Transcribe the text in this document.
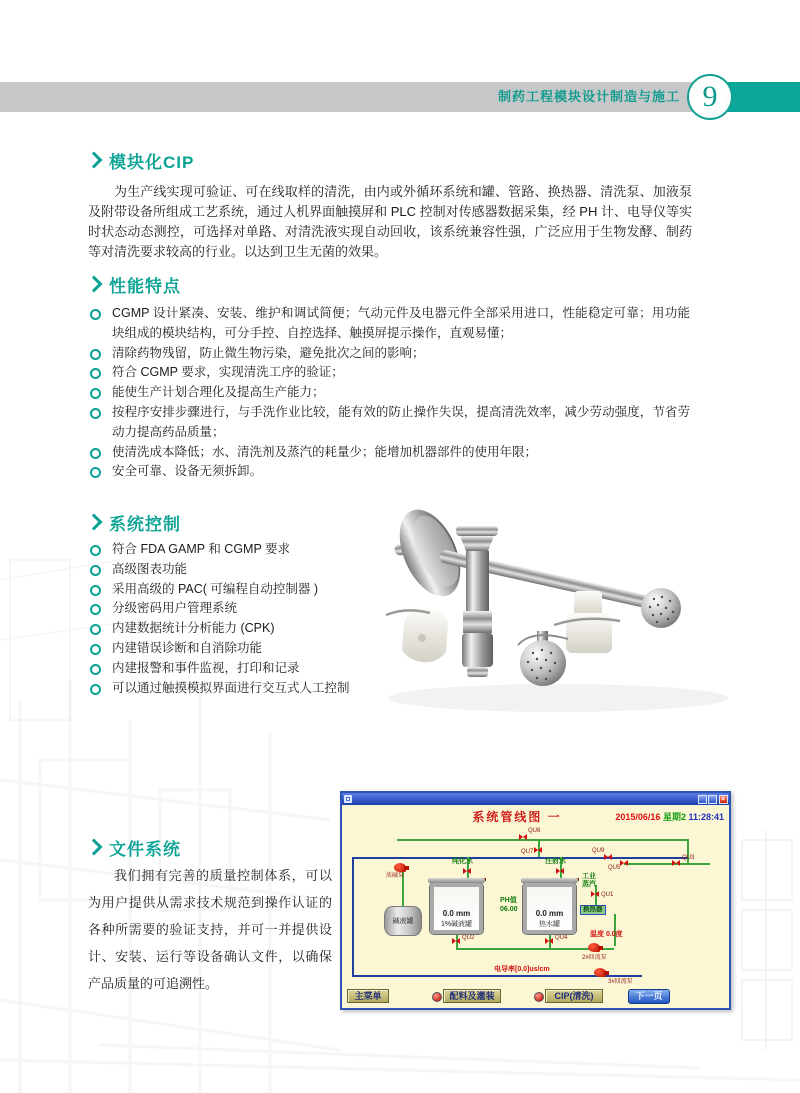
制药工程模块设计制造与施工 9
模块化CIP
为生产线实现可验证、可在线取样的清洗，由内或外循环系统和罐、管路、换热器、清洗泵、加液泵及附带设备所组成工艺系统，通过人机界面触摸屏和 PLC 控制对传感器数据采集，经 PH 计、电导仪等实时状态动态测控，可选择对单路、对清洗液实现自动回收，该系统兼容性强，广泛应用于生物发酵、制药等对清洗要求较高的行业。以达到卫生无菌的效果。
性能特点
CGMP 设计紧凑、安装、维护和调试简便；气动元件及电器元件全部采用进口，性能稳定可靠；用功能块组成的模块结构，可分手控、自控选择、触摸屏提示操作，直观易懂；
清除药物残留，防止微生物污染，避免批次之间的影响；
符合 CGMP 要求，实现清洗工序的验证；
能使生产计划合理化及提高生产能力；
按程序安排步骤进行，与手洗作业比较，能有效的防止操作失误，提高清洗效率，减少劳动强度，节省劳动力提高药品质量；
使清洗成本降低；水、清洗剂及蒸汽的耗量少；能增加机器部件的使用年限；
安全可靠、设备无须拆卸。
系统控制
符合 FDA GAMP 和 CGMP 要求
高级图表功能
采用高级的 PAC( 可编程自动控制器 )
分级密码用户管理系统
内建数据统计分析能力 (CPK)
内建错误诊断和自消除功能
内建报警和事件监视，打印和记录
可以通过触摸模拟界面进行交互式人工控制
文件系统
我们拥有完善的质量控制体系，可以为用户提供从需求技术规范到操作认证的各种所需要的验证支持，并可一并提供设计、安装、运行等设备确认文件，以确保产品质量的可追溯性。
×
系统管线图 一	2015/06/16 星期2 11:28:41
QU8
QU7	QU9
QU5
QU3
QU1
QU2	QU4
纯化水	注射水
工业蒸汽
换热器
PH值
06.00
温度 0.0度
电导率[0.0]us/cm
碱液罐
0.0 mm
1%碱液罐
0.0 mm
热水罐
浓碱泵
2#回流泵
3#回流泵
主菜单	配料及灌装	CIP(清洗)	下一页
